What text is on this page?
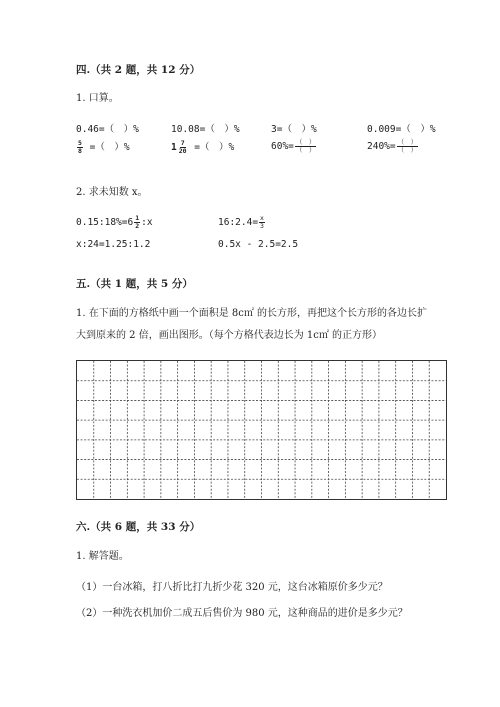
四.（共 2 题，共 12 分）
1. 口算。
0.46=（　）%	10.08=（　）%	3=（　）%	0.009=（　）%
$\frac{5}{8}$ =（　）%	$1 \frac{7}{20}$ =（　）%	$60\%= \frac{( )}{( )}$	$240\%= \frac{( )}{( )}$
2. 求未知数 x。
0.15:18%=6 $\frac{1}{2}$ :x	16:2.4= $\frac{x}{3}$
x:24=1.25:1.2	0.5x - 2.5=2.5
五.（共 1 题，共 5 分）
1. 在下面的方格纸中画一个面积是 8c㎡ 的长方形，再把这个长方形的各边长扩
大到原来的 2 倍，画出图形。（每个方格代表边长为 1c㎡ 的正方形）
六.（共 6 题，共 33 分）
1. 解答题。
（1）一台冰箱，打八折比打九折少花 320 元，这台冰箱原价多少元？
（2）一种洗衣机加价二成五后售价为 980 元，这种商品的进价是多少元？
